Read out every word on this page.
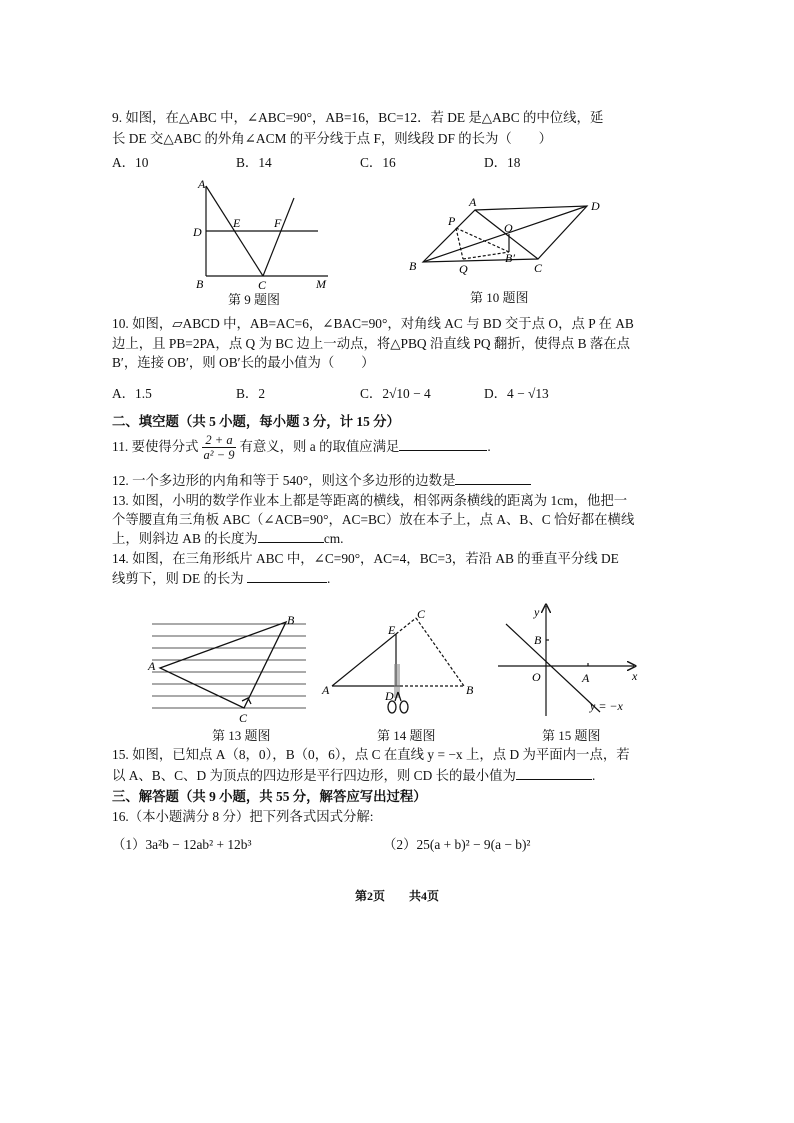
9. 如图，在△ABC 中，∠ABC=90°，AB=16，BC=12．若 DE 是△ABC 的中位线，延
长 DE 交△ABC 的外角∠ACM 的平分线于点 F，则线段 DF 的长为（　　）
A．10	B．14	C．16	D．18
A
B	C
D
E	F
M
第 9 题图
A
B	C
D
O
P
Q
B′
第 10 题图
10. 如图，▱ABCD 中，AB=AC=6，∠BAC=90°，对角线 AC 与 BD 交于点 O，点 P 在 AB
边上，且 PB=2PA，点 Q 为 BC 边上一动点，将△PBQ 沿直线 PQ 翻折，使得点 B 落在点
B′，连接 OB′，则 OB′长的最小值为（　　）
A．1.5	B．2	C．2√10 − 4	D．4 − √13
二、填空题（共 5 小题，每小题 3 分，计 15 分）
11. 要使得分式 $\frac{2 + a}{\text{a² − 9}}$ 有意义，则 a 的取值应满足	.
12. 一个多边形的内角和等于 540°，则这个多边形的边数是
13. 如图，小明的数学作业本上都是等距离的横线，相邻两条横线的距离为 1cm，他把一
个等腰直角三角板 ABC（∠ACB=90°，AC=BC）放在本子上，点 A、B、C 恰好都在横线
上，则斜边 AB 的长度为	cm.
14. 如图，在三角形纸片 ABC 中，∠C=90°，AC=4，BC=3，若沿 AB 的垂直平分线 DE
线剪下，则 DE 的长为	.
A
B
C
第 13 题图
A	B
C
D
E
第 14 题图
y
x
O
B
A
y = −x
第 15 题图
15. 如图，已知点 A（8，0），B（0，6），点 C 在直线 y = −x 上，点 D 为平面内一点，若
以 A、B、C、D 为顶点的四边形是平行四边形，则 CD 长的最小值为	.
三、解答题（共 9 小题，共 55 分，解答应写出过程）
16.（本小题满分 8 分）把下列各式因式分解:
（1）3a²b − 12ab² + 12b³	（2）25(a + b)² − 9(a − b)²
第2页　　共4页
